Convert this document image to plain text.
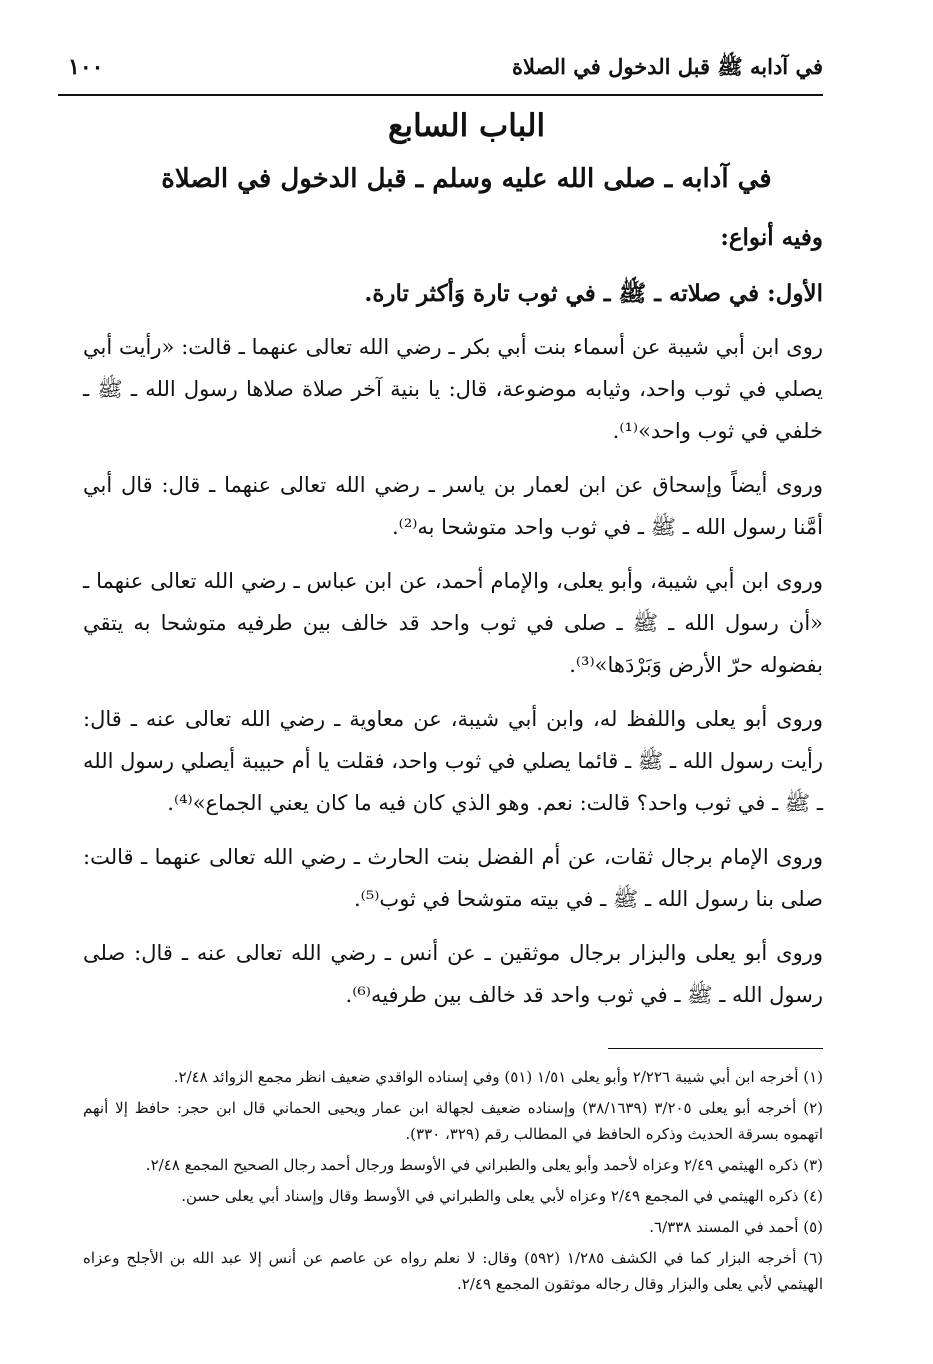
في آدابه ﷺ قبل الدخول في الصلاة
١٠٠
الباب السابع
في آدابه ـ صلى الله عليه وسلم ـ قبل الدخول في الصلاة
وفيه أنواع:
الأول: في صلاته ـ ﷺ ـ في ثوب تارة وَأكثر تارة.

روى ابن أبي شيبة عن أسماء بنت أبي بكر ـ رضي الله تعالى عنهما ـ قالت: «رأيت أبي يصلي في ثوب واحد، وثيابه موضوعة، قال: يا بنية آخر صلاة صلاها رسول الله ـ ﷺ ـ خلفي في ثوب واحد»⁽¹⁾.

وروى أيضاً وإسحاق عن ابن لعمار بن ياسر ـ رضي الله تعالى عنهما ـ قال: قال أبي أمَّنا رسول الله ـ ﷺ ـ في ثوب واحد متوشحا به⁽²⁾.

وروى ابن أبي شيبة، وأبو يعلى، والإمام أحمد، عن ابن عباس ـ رضي الله تعالى عنهما ـ «أن رسول الله ـ ﷺ ـ صلى في ثوب واحد قد خالف بين طرفيه متوشحا به يتقي بفضوله حرّ الأرض وَبَرْدَها»⁽³⁾.

وروى أبو يعلى واللفظ له، وابن أبي شيبة، عن معاوية ـ رضي الله تعالى عنه ـ قال: رأيت رسول الله ـ ﷺ ـ قائما يصلي في ثوب واحد، فقلت يا أم حبيبة أيصلي رسول الله ـ ﷺ ـ في ثوب واحد؟ قالت: نعم. وهو الذي كان فيه ما كان يعني الجماع»⁽⁴⁾.

وروى الإمام برجال ثقات، عن أم الفضل بنت الحارث ـ رضي الله تعالى عنهما ـ قالت: صلى بنا رسول الله ـ ﷺ ـ في بيته متوشحا في ثوب⁽⁵⁾.

وروى أبو يعلى والبزار برجال موثقين ـ عن أنس ـ رضي الله تعالى عنه ـ قال: صلى رسول الله ـ ﷺ ـ في ثوب واحد قد خالف بين طرفيه⁽⁶⁾.

(١) أخرجه ابن أبي شيبة ٢/٢٢٦ وأبو يعلى ١/٥١ (٥١) وفي إسناده الواقدي ضعيف انظر مجمع الزوائد ٢/٤٨.

(٢) أخرجه أبو يعلى ٣/٢٠٥ (٣٨/١٦٣٩) وإسناده ضعيف لجهالة ابن عمار ويحيى الحماني قال ابن حجر: حافظ إلا أنهم اتهموه بسرقة الحديث وذكره الحافظ في المطالب رقم (٣٢٩، ٣٣٠).

(٣) ذكره الهيثمي ٢/٤٩ وعزاه لأحمد وأبو يعلى والطبراني في الأوسط ورجال أحمد رجال الصحيح المجمع ٢/٤٨.

(٤) ذكره الهيثمي في المجمع ٢/٤٩ وعزاه لأبي يعلى والطبراني في الأوسط وقال وإسناد أبي يعلى حسن.

(٥) أحمد في المسند ٦/٣٣٨.

(٦) أخرجه البزار كما في الكشف ١/٢٨٥ (٥٩٢) وقال: لا نعلم رواه عن عاصم عن أنس إلا عبد الله بن الأجلح وعزاه الهيثمي لأبي يعلى والبزار وقال رجاله موثقون المجمع ٢/٤٩.
